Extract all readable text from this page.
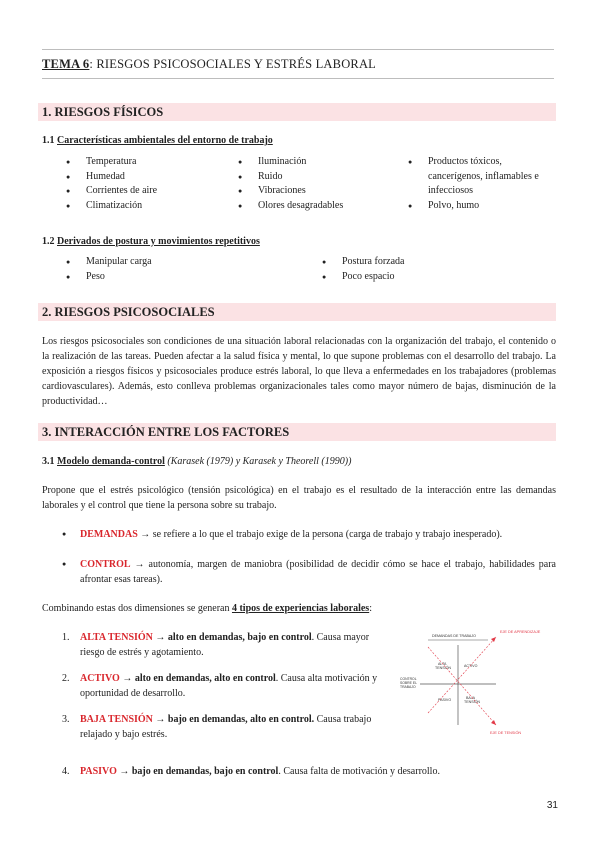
TEMA 6: RIESGOS PSICOSOCIALES Y ESTRÉS LABORAL
1. RIESGOS FÍSICOS
1.1 Características ambientales del entorno de trabajo
● Temperatura
● Humedad
● Corrientes de aire
● Climatización
● Iluminación
● Ruido
● Vibraciones
● Olores desagradables
● Productos tóxicos, cancerígenos, inflamables e infecciosos
● Polvo, humo
1.2 Derivados de postura y movimientos repetitivos
● Manipular carga
● Peso
● Postura forzada
● Poco espacio
2. RIESGOS PSICOSOCIALES
Los riesgos psicosociales son condiciones de una situación laboral relacionadas con la organización del trabajo, el contenido o la realización de las tareas. Pueden afectar a la salud física y mental, lo que supone problemas con el desarrollo del trabajo. La exposición a riesgos físicos y psicosociales produce estrés laboral, lo que lleva a enfermedades en los trabajadores (problemas cardiovasculares). Además, esto conlleva problemas organizacionales tales como mayor número de bajas, disminución de la productividad…
3. INTERACCIÓN ENTRE LOS FACTORES
3.1 Modelo demanda-control (Karasek (1979) y Karasek y Theorell (1990))
Propone que el estrés psicológico (tensión psicológica) en el trabajo es el resultado de la interacción entre las demandas laborales y el control que tiene la persona sobre su trabajo.
● DEMANDAS → se refiere a lo que el trabajo exige de la persona (carga de trabajo y trabajo inesperado).
● CONTROL → autonomía, margen de maniobra (posibilidad de decidir cómo se hace el trabajo, habilidades para afrontar esas tareas).
Combinando estas dos dimensiones se generan 4 tipos de experiencias laborales:
1. ALTA TENSIÓN → alto en demandas, bajo en control. Causa mayor riesgo de estrés y agotamiento.
2. ACTIVO → alto en demandas, alto en control. Causa alta motivación y oportunidad de desarrollo.
3. BAJA TENSIÓN → bajo en demandas, alto en control. Causa trabajo relajado y bajo estrés.
4. PASIVO → bajo en demandas, bajo en control. Causa falta de motivación y desarrollo.
DEMANDAS DE TRABAJO
CONTROL
SOBRE EL
TRABAJO
ALTA
TENSIÓN	ACTIVO
PASIVO	BAJA
TENSIÓN
EJE DE APRENDIZAJE
EJE DE TENSIÓN
31
